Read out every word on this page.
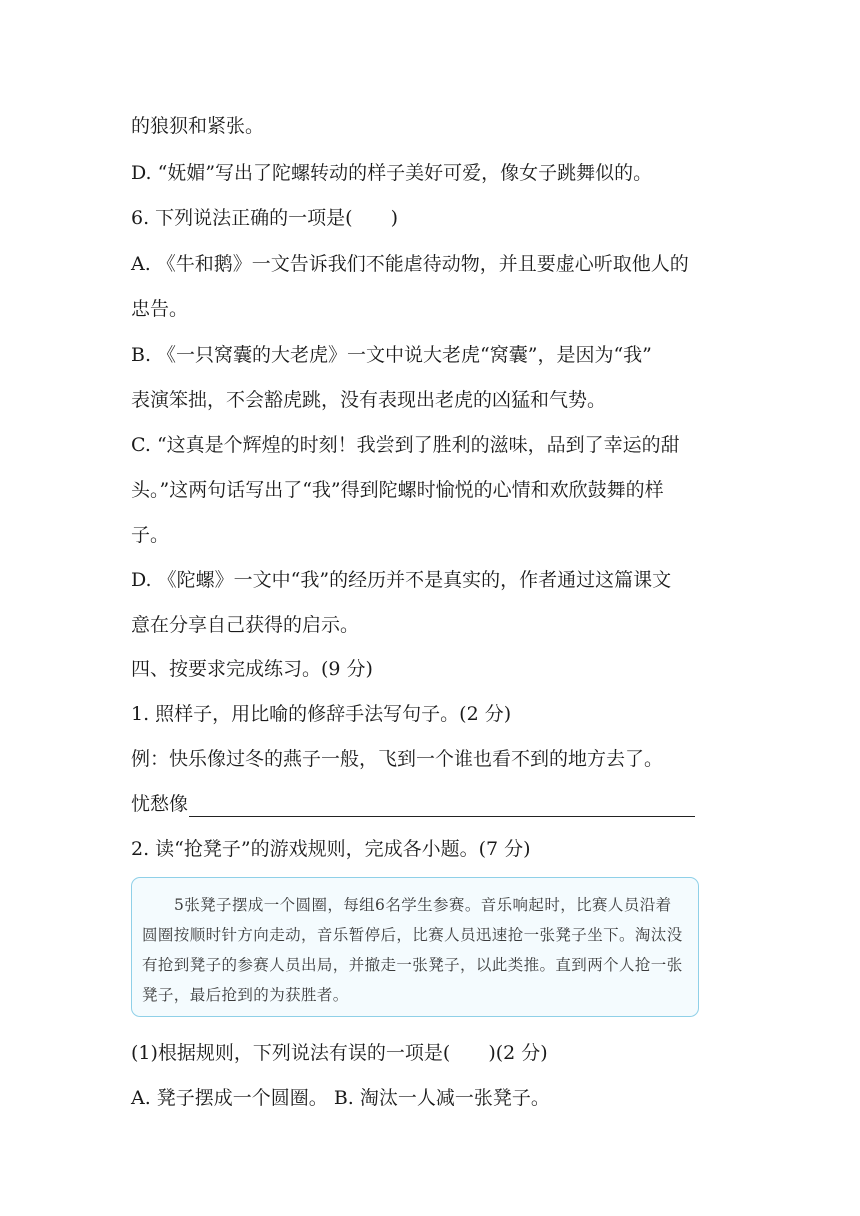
的狼狈和紧张。
D. “妩媚”写出了陀螺转动的样子美好可爱，像女子跳舞似的。
6. 下列说法正确的一项是(　　)
A. 《牛和鹅》一文告诉我们不能虐待动物，并且要虚心听取他人的
忠告。
B. 《一只窝囊的大老虎》一文中说大老虎“窝囊”，是因为“我”
表演笨拙，不会豁虎跳，没有表现出老虎的凶猛和气势。
C. “这真是个辉煌的时刻！我尝到了胜利的滋味，品到了幸运的甜
头。”这两句话写出了“我”得到陀螺时愉悦的心情和欢欣鼓舞的样
子。
D. 《陀螺》一文中“我”的经历并不是真实的，作者通过这篇课文
意在分享自己获得的启示。
四、按要求完成练习。(9 分)
1. 照样子，用比喻的修辞手法写句子。(2 分)
例：快乐像过冬的燕子一般，飞到一个谁也看不到的地方去了。
忧愁像
2. 读“抢凳子”的游戏规则，完成各小题。(7 分)

5张凳子摆成一个圆圈，每组6名学生参赛。音乐响起时，比赛人员沿着圆圈按顺时针方向走动，音乐暂停后，比赛人员迅速抢一张凳子坐下。淘汰没有抢到凳子的参赛人员出局，并撤走一张凳子，以此类推。直到两个人抢一张凳子，最后抢到的为获胜者。

(1)根据规则，下列说法有误的一项是(　　)(2 分)
A. 凳子摆成一个圆圈。 B. 淘汰一人减一张凳子。
